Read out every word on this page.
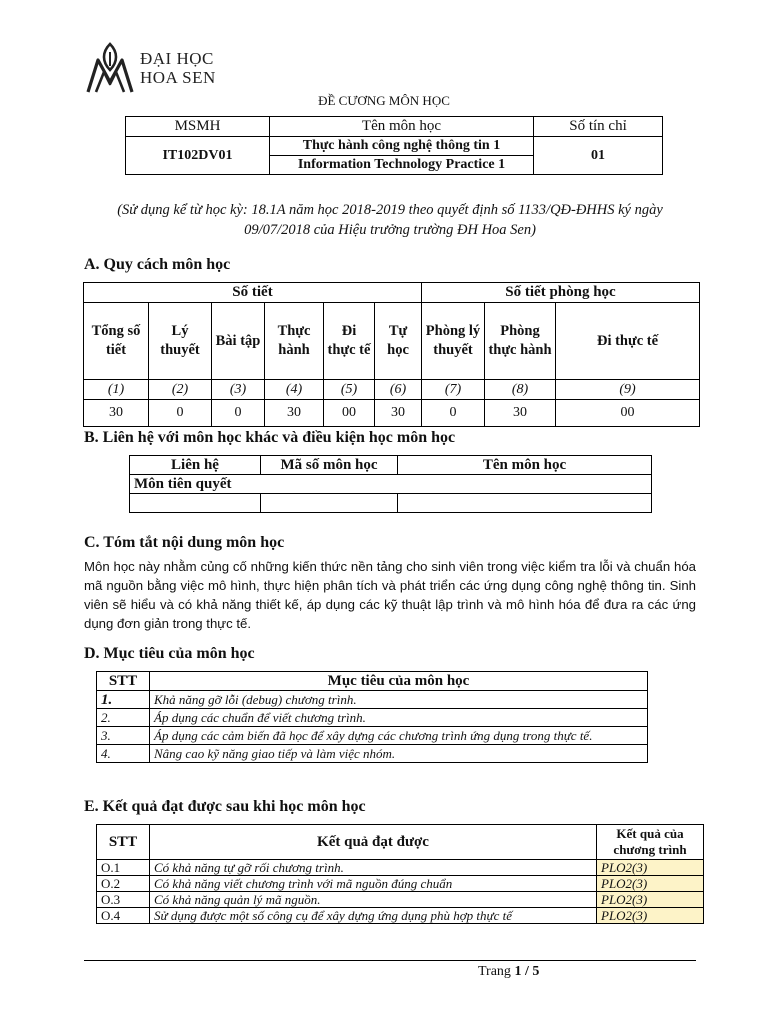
ĐẠI HỌC
HOA SEN
ĐỀ CƯƠNG MÔN HỌC
MSMH	Tên môn học	Số tín chỉ
IT102DV01	Thực hành công nghệ thông tin 1	01
	Information Technology Practice 1	
(Sử dụng kể từ học kỳ: 18.1A năm học 2018-2019 theo quyết định số 1133/QĐ-ĐHHS ký ngày 09/07/2018 của Hiệu trưởng trường ĐH Hoa Sen)
A. Quy cách môn học
Số tiết						Số tiết phòng học		
Tổng số tiết	Lý thuyết	Bài tập	Thực hành	Đi thực tế	Tự học	Phòng lý thuyết	Phòng thực hành	Đi thực tế
(1)	(2)	(3)	(4)	(5)	(6)	(7)	(8)	(9)
30	0	0	30	00	30	0	30	00
B. Liên hệ với môn học khác và điều kiện học môn học
Liên hệ	Mã số môn học	Tên môn học
Môn tiên quyết		

C. Tóm tắt nội dung môn học
Môn học này nhằm củng cố những kiến thức nền tảng cho sinh viên trong việc kiểm tra lỗi và chuẩn hóa mã nguồn bằng việc mô hình, thực hiện phân tích và phát triển các ứng dụng công nghệ thông tin. Sinh viên sẽ hiểu và có khả năng thiết kế, áp dụng các kỹ thuật lập trình và mô hình hóa để đưa ra các ứng dụng đơn giản trong thực tế.
D. Mục tiêu của môn học
STT	Mục tiêu của môn học
1.	Khả năng gỡ lỗi (debug) chương trình.
2.	Áp dụng các chuẩn để viết chương trình.
3.	Áp dụng các cảm biến đã học để xây dựng các chương trình ứng dụng trong thực tế.
4.	Nâng cao kỹ năng giao tiếp và làm việc nhóm.
E. Kết quả đạt được sau khi học môn học
STT	Kết quả đạt được	Kết quả của chương trình
O.1	Có khả năng tự gỡ rối chương trình.	PLO2(3)
O.2	Có khả năng viết chương trình với mã nguồn đúng chuẩn	PLO2(3)
O.3	Có khả năng quản lý mã nguồn.	PLO2(3)
O.4	Sử dụng được một số công cụ để xây dựng ứng dụng phù hợp thực tế	PLO2(3)
Trang 1 / 5
